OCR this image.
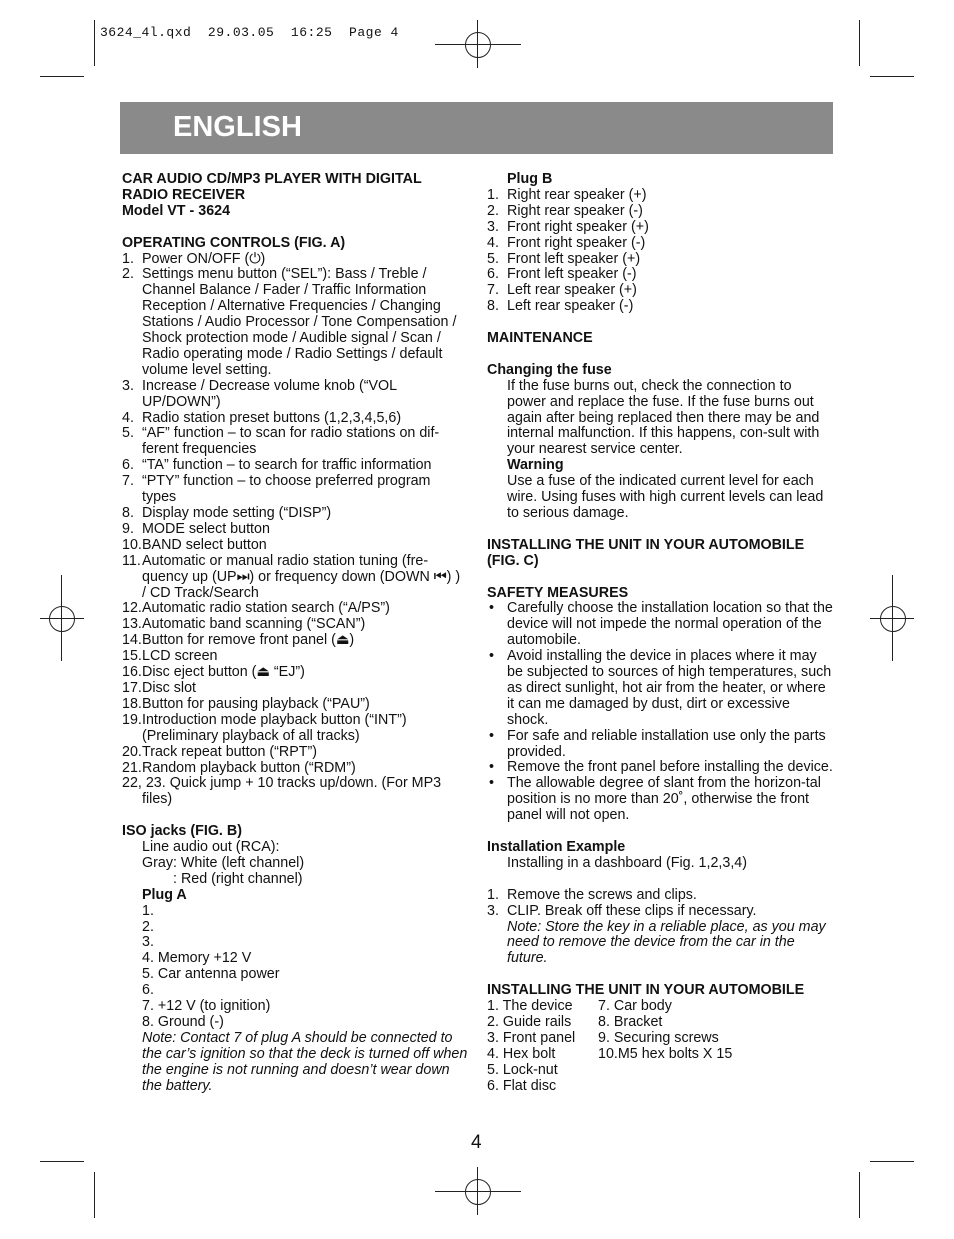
3624_4l.qxd  29.03.05  16:25  Page 4
ENGLISH
CAR AUDIO CD/MP3 PLAYER WITH DIGITAL
RADIO RECEIVER
Model VT - 3624
OPERATING CONTROLS (FIG. A)
1. Power ON/OFF (⏻)
2. Settings menu button (“SEL”): Bass / Treble / Channel Balance / Fader / Traffic Information Reception / Alternative Frequencies / Changing Stations / Audio Processor / Tone Compensation / Shock protection mode / Audible signal / Scan / Radio operating mode / Radio Settings / default volume level setting.
3. Increase / Decrease volume knob (“VOL UP/DOWN”)
4. Radio station preset buttons (1,2,3,4,5,6)
5. “AF” function – to scan for radio stations on dif-ferent frequencies
6. “TA” function – to search for traffic information
7. “PTY” function – to choose preferred program types
8. Display mode setting (“DISP”)
9. MODE select button
10. BAND select button
11. Automatic or manual radio station tuning (fre-quency up (UP⏭) or frequency down (DOWN ⏮) ) / CD Track/Search
12. Automatic radio station search (“A/PS”)
13. Automatic band scanning (“SCAN”)
14. Button for remove front panel (⏏)
15. LCD screen
16. Disc eject button (⏏ “EJ”)
17. Disc slot
18. Button for pausing playback (“PAU”)
19. Introduction mode playback button (“INT”) (Preliminary playback of all tracks)
20. Track repeat button (“RPT”)
21. Random playback button (“RDM”)
22, 23. Quick jump + 10 tracks up/down. (For MP3 files)
ISO jacks (FIG. B)
Line audio out (RCA):
Gray: White (left channel)
: Red (right channel)
Plug A
1.
2.
3.
4. Memory +12 V
5. Car antenna power
6.
7. +12 V (to ignition)
8. Ground (-)
Note: Contact 7 of plug A should be connected to the car’s ignition so that the deck is turned off when the engine is not running and doesn’t wear down the battery.
Plug B
1. Right rear speaker (+)
2. Right rear speaker (-)
3. Front right speaker (+)
4. Front right speaker (-)
5. Front left speaker (+)
6. Front left speaker (-)
7. Left rear speaker (+)
8. Left rear speaker (-)
MAINTENANCE
Changing the fuse
If the fuse burns out, check the connection to power and replace the fuse. If the fuse burns out again after being replaced then there may be and internal malfunction. If this happens, con-sult with your nearest service center.
Warning
Use a fuse of the indicated current level for each wire. Using fuses with high current levels can lead to serious damage.
INSTALLING THE UNIT IN YOUR AUTOMOBILE
(FIG. C)
SAFETY MEASURES
• Carefully choose the installation location so that the device will not impede the normal operation of the automobile.
• Avoid installing the device in places where it may be subjected to sources of high temperatures, such as direct sunlight, hot air from the heater, or where it can me damaged by dust, dirt or excessive shock.
• For safe and reliable installation use only the parts provided.
• Remove the front panel before installing the device.
• The allowable degree of slant from the horizon-tal position is no more than 20˚, otherwise the front panel will not open.
Installation Example
Installing in a dashboard (Fig. 1,2,3,4)
1. Remove the screws and clips.
3. CLIP. Break off these clips if necessary.
Note: Store the key in a reliable place, as you may need to remove the device from the car in the future.
INSTALLING THE UNIT IN YOUR AUTOMOBILE
1. The device
2. Guide rails
3. Front panel
4. Hex bolt
5. Lock-nut
6. Flat disc
7. Car body
8. Bracket
9. Securing screws
10.M5 hex bolts X 15
4
